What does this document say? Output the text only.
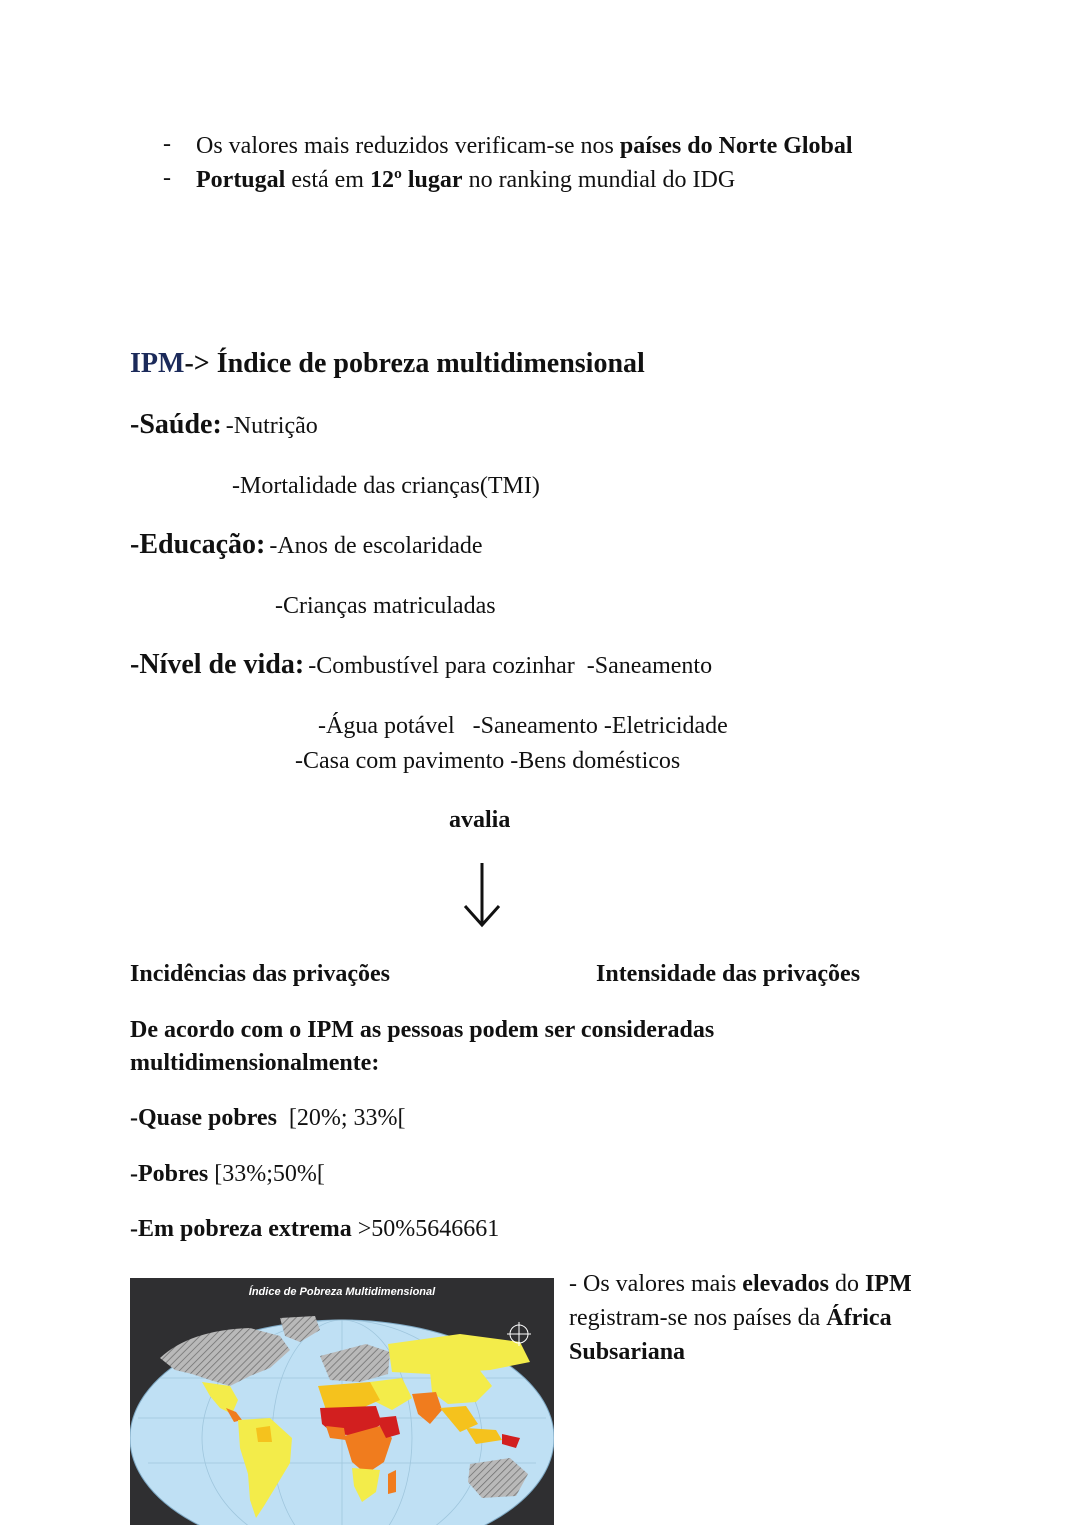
- Os valores mais reduzidos verificam-se nos países do Norte Global
- Portugal está em 12º lugar no ranking mundial do IDG
IPM-> Índice de pobreza multidimensional
-Saúde: -Nutrição
-Mortalidade das crianças(TMI)
-Educação: -Anos de escolaridade
-Crianças matriculadas
-Nível de vida: -Combustível para cozinhar  -Saneamento
-Água potável   -Saneamento -Eletricidade
-Casa com pavimento -Bens domésticos
avalia
Incidências das privações	Intensidade das privações
De acordo com o IPM as pessoas podem ser consideradas
multidimensionalmente:
-Quase pobres  [20%; 33%[
-Pobres [33%;50%[
-Em pobreza extrema >50%5646661
Índice de Pobreza Multidimensional	- Os valores mais elevados do IPM
registram-se nos países da África
Subsariana
